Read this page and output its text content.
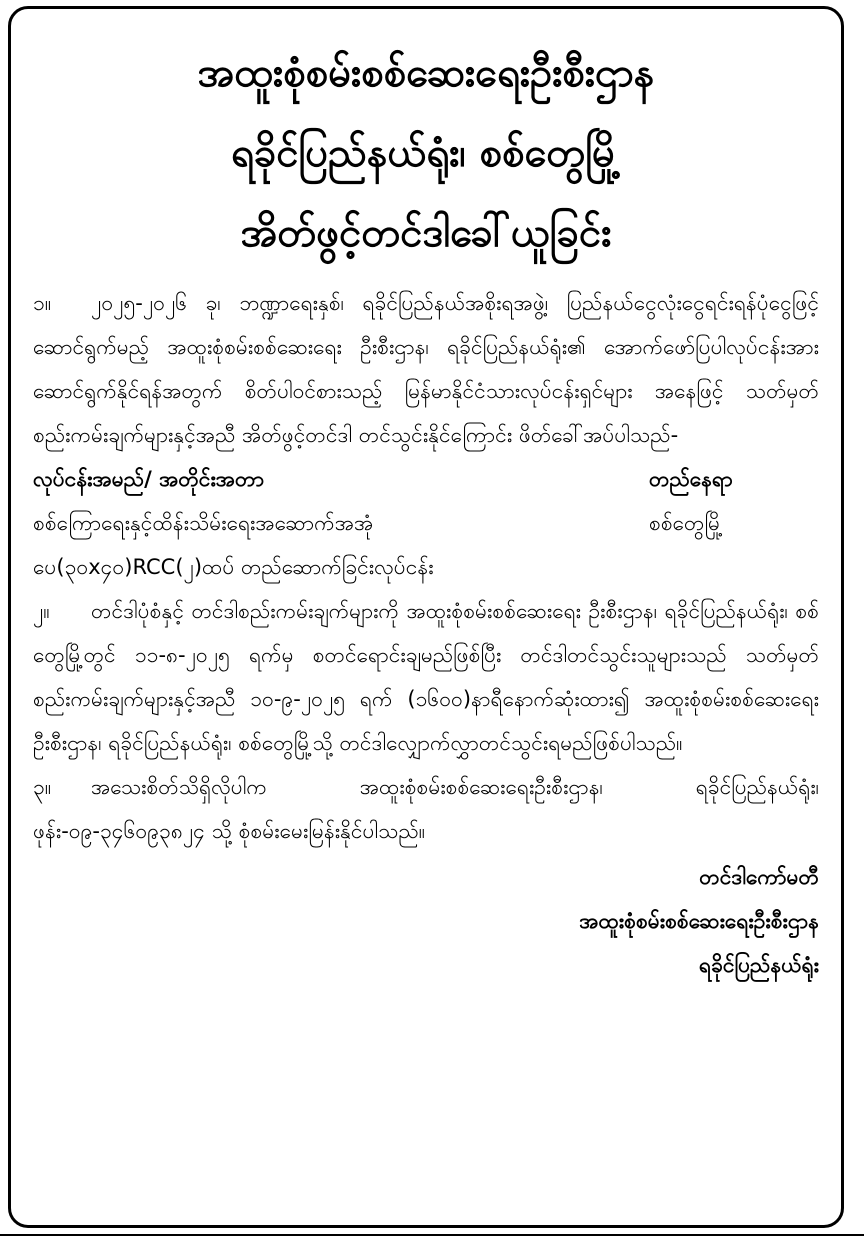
အထူးစုံစမ်းစစ်ဆေးရေးဦးစီးဌာန
ရခိုင်ပြည်နယ်ရုံး၊ စစ်တွေမြို့
အိတ်ဖွင့်တင်ဒါခေါ်ယူခြင်း

၁။ ၂၀၂၅-၂၀၂၆ ခု၊ ဘဏ္ဍာရေးနှစ်၊ ရခိုင်ပြည်နယ်အစိုးရအဖွဲ့၊ ပြည်နယ်ငွေလုံးငွေရင်းရန်ပုံငွေဖြင့် ဆောင်ရွက်မည့် အထူးစုံစမ်းစစ်ဆေးရေး ဦးစီးဌာန၊ ရခိုင်ပြည်နယ်ရုံး၏ အောက်ဖော်ပြပါလုပ်ငန်းအား ဆောင်ရွက်နိုင်ရန်အတွက် စိတ်ပါဝင်စားသည့် မြန်မာနိုင်ငံသားလုပ်ငန်းရှင်များ အနေဖြင့် သတ်မှတ်စည်းကမ်းချက်များနှင့်အညီ အိတ်ဖွင့်တင်ဒါ တင်သွင်းနိုင်ကြောင်း ဖိတ်ခေါ်အပ်ပါသည်-

လုပ်ငန်းအမည်/ အတိုင်းအတာ	တည်နေရာ
စစ်ကြောရေးနှင့်ထိန်းသိမ်းရေးအဆောက်အအုံ	စစ်တွေမြို့
ပေ(၃၀x၄၀)RCC(၂)ထပ် တည်ဆောက်ခြင်းလုပ်ငန်း

၂။ တင်ဒါပုံစံနှင့် တင်ဒါစည်းကမ်းချက်များကို အထူးစုံစမ်းစစ်ဆေးရေး ဦးစီးဌာန၊ ရခိုင်ပြည်နယ်ရုံး၊ စစ်တွေမြို့တွင် ၁၁-၈-၂၀၂၅ ရက်မှ စတင်ရောင်းချမည်ဖြစ်ပြီး တင်ဒါတင်သွင်းသူများသည် သတ်မှတ်စည်းကမ်းချက်များနှင့်အညီ ၁၀-၉-၂၀၂၅ ရက် (၁၆၀၀)နာရီနောက်ဆုံးထား၍ အထူးစုံစမ်းစစ်ဆေးရေးဦးစီးဌာန၊ ရခိုင်ပြည်နယ်ရုံး၊ စစ်တွေမြို့သို့ တင်ဒါလျှောက်လွှာတင်သွင်းရမည်ဖြစ်ပါသည်။

၃။ အသေးစိတ်သိရှိလိုပါက အထူးစုံစမ်းစစ်ဆေးရေးဦးစီးဌာန၊ ရခိုင်ပြည်နယ်ရုံး၊ ဖုန်း-၀၉-၃၄၆၀၉၃၈၂၄ သို့ စုံစမ်းမေးမြန်းနိုင်ပါသည်။

တင်ဒါကော်မတီ
အထူးစုံစမ်းစစ်ဆေးရေးဦးစီးဌာန
ရခိုင်ပြည်နယ်ရုံး
